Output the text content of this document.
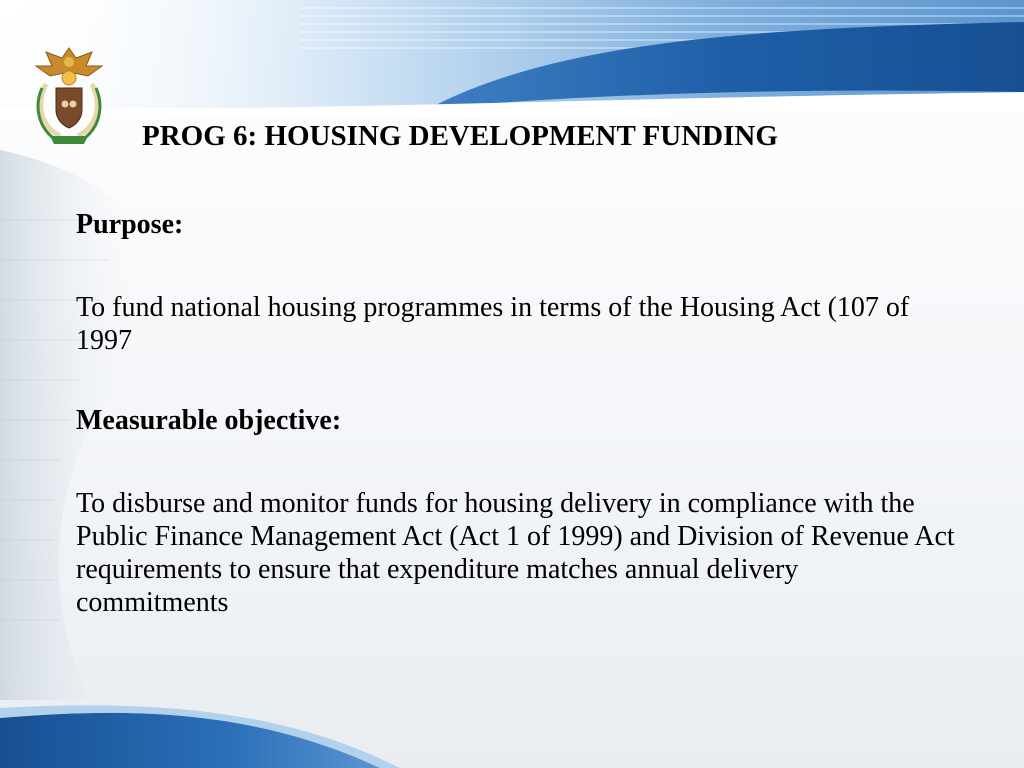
PROG 6: HOUSING DEVELOPMENT FUNDING
Purpose:
To fund national housing programmes in terms of the Housing Act (107 of 1997
Measurable objective:
To disburse and monitor funds for housing delivery in compliance with the Public Finance Management Act (Act 1 of 1999) and Division of Revenue Act requirements to ensure that expenditure matches annual delivery commitments
